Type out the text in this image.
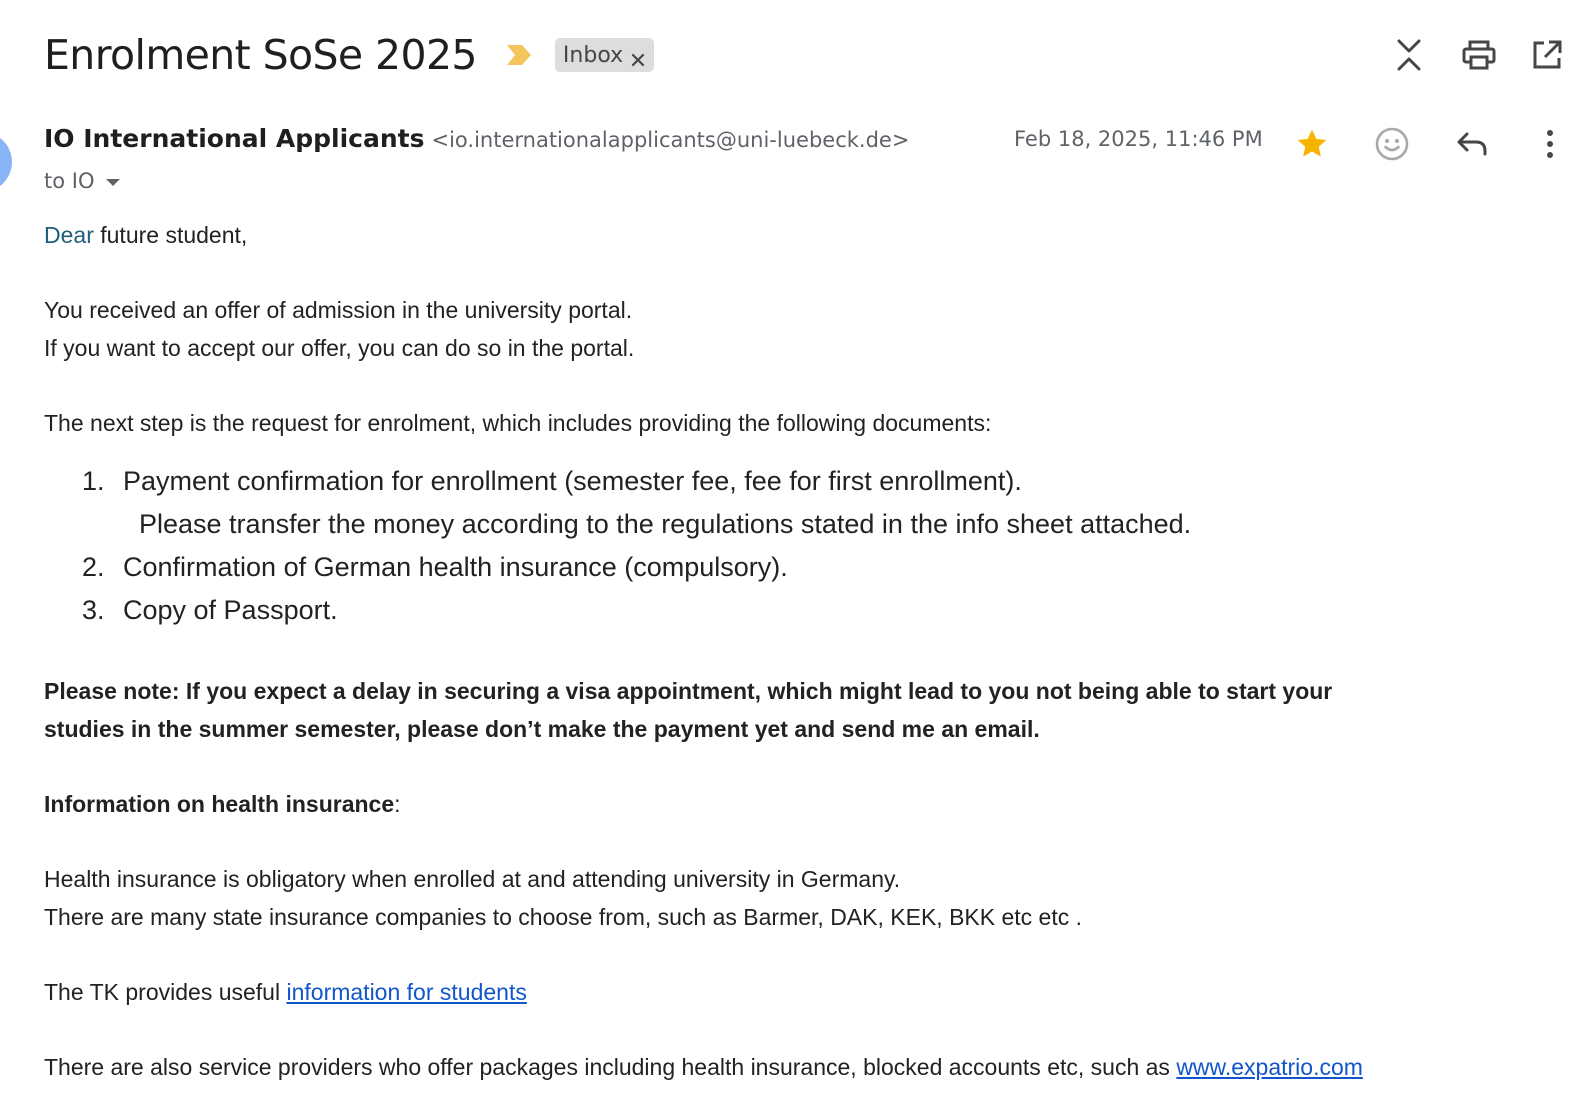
Enrolment SoSe 2025	Inbox
IO International Applicants <io.internationalapplicants@uni-luebeck.de>	Feb 18, 2025, 11:46 PM
to IO

Dear future student,

You received an offer of admission in the university portal.

If you want to accept our offer, you can do so in the portal.

The next step is the request for enrolment, which includes providing the following documents:

1. Payment confirmation for enrollment (semester fee, fee for first enrollment).
Please transfer the money according to the regulations stated in the info sheet attached.
2. Confirmation of German health insurance (compulsory).
3. Copy of Passport.

Please note: If you expect a delay in securing a visa appointment, which might lead to you not being able to start your

studies in the summer semester, please don’t make the payment yet and send me an email.

Information on health insurance:

Health insurance is obligatory when enrolled at and attending university in Germany.

There are many state insurance companies to choose from, such as Barmer, DAK, KEK, BKK etc etc .

The TK provides useful information for students

There are also service providers who offer packages including health insurance, blocked accounts etc, such as www.expatrio.com
